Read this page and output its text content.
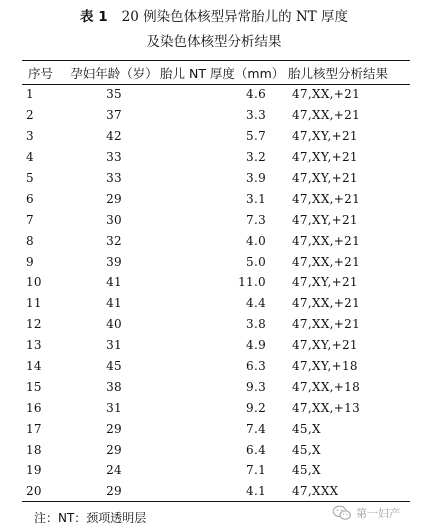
表 1 20 例染色体核型异常胎儿的 NT 厚度
及染色体核型分析结果
序号	孕妇年龄（岁）	胎儿 NT 厚度（mm）	胎儿核型分析结果
1	35	4.6	47,XX,+21
2	37	3.3	47,XX,+21
3	42	5.7	47,XY,+21
4	33	3.2	47,XY,+21
5	33	3.9	47,XY,+21
6	29	3.1	47,XX,+21
7	30	7.3	47,XY,+21
8	32	4.0	47,XX,+21
9	39	5.0	47,XX,+21
10	41	11.0	47,XY,+21
11	41	4.4	47,XX,+21
12	40	3.8	47,XX,+21
13	31	4.9	47,XY,+21
14	45	6.3	47,XY,+18
15	38	9.3	47,XX,+18
16	31	9.2	47,XX,+13
17	29	7.4	45,X
18	29	6.4	45,X
19	24	7.1	45,X
20	29	4.1	47,XXX
注：NT：颈项透明层	第一妇产
